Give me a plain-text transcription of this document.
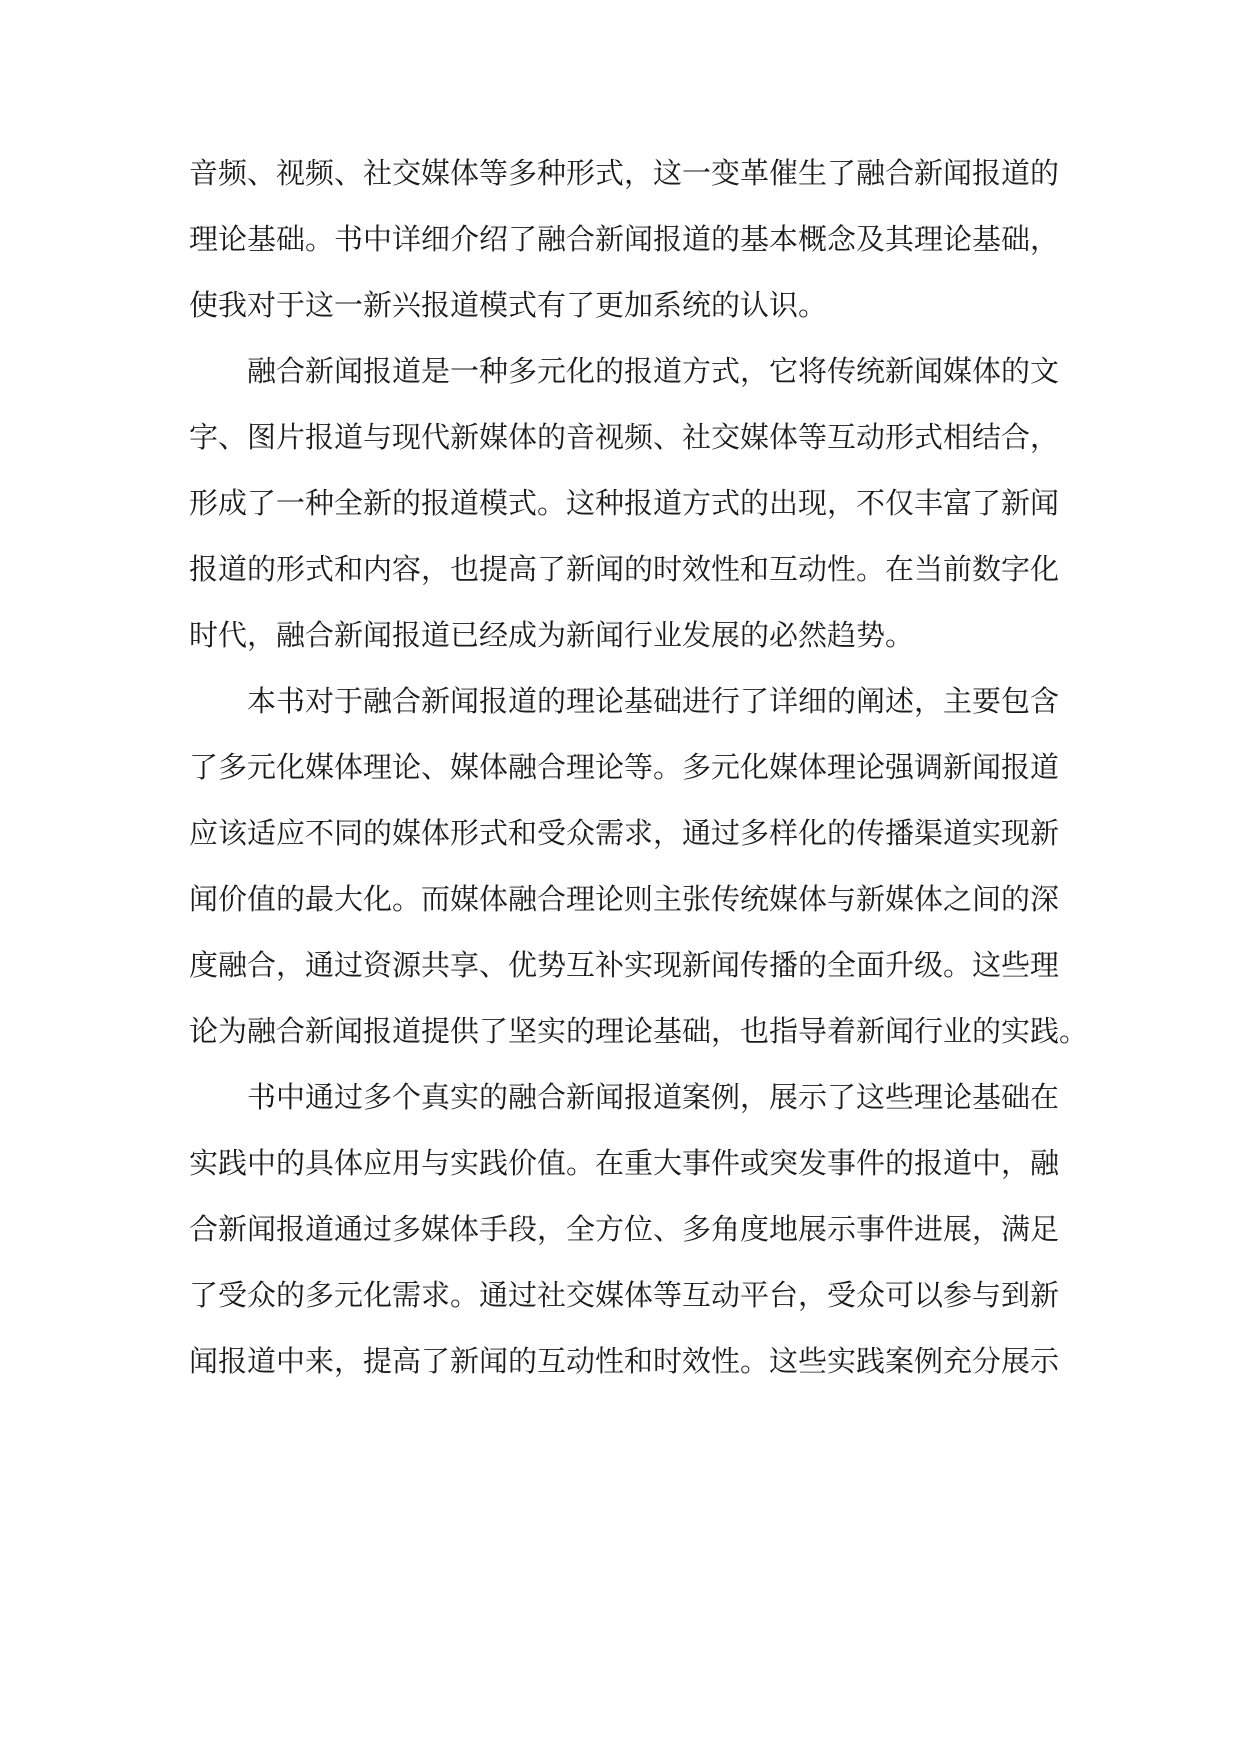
音频、视频、社交媒体等多种形式，这一变革催生了融合新闻报道的
理论基础。书中详细介绍了融合新闻报道的基本概念及其理论基础，
使我对于这一新兴报道模式有了更加系统的认识。
融合新闻报道是一种多元化的报道方式，它将传统新闻媒体的文
字、图片报道与现代新媒体的音视频、社交媒体等互动形式相结合，
形成了一种全新的报道模式。这种报道方式的出现，不仅丰富了新闻
报道的形式和内容，也提高了新闻的时效性和互动性。在当前数字化
时代，融合新闻报道已经成为新闻行业发展的必然趋势。
本书对于融合新闻报道的理论基础进行了详细的阐述，主要包含
了多元化媒体理论、媒体融合理论等。多元化媒体理论强调新闻报道
应该适应不同的媒体形式和受众需求，通过多样化的传播渠道实现新
闻价值的最大化。而媒体融合理论则主张传统媒体与新媒体之间的深
度融合，通过资源共享、优势互补实现新闻传播的全面升级。这些理
论为融合新闻报道提供了坚实的理论基础，也指导着新闻行业的实践。
书中通过多个真实的融合新闻报道案例，展示了这些理论基础在
实践中的具体应用与实践价值。在重大事件或突发事件的报道中，融
合新闻报道通过多媒体手段，全方位、多角度地展示事件进展，满足
了受众的多元化需求。通过社交媒体等互动平台，受众可以参与到新
闻报道中来，提高了新闻的互动性和时效性。这些实践案例充分展示
